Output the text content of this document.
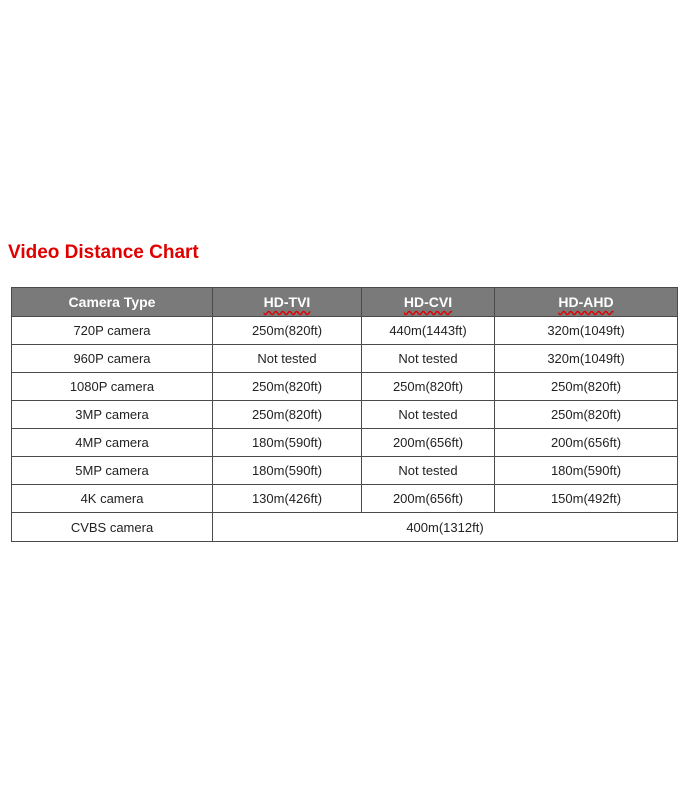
Video Distance Chart
Camera Type	HD-TVI	HD-CVI	HD-AHD
720P camera	250m(820ft)	440m(1443ft)	320m(1049ft)
960P camera	Not tested	Not tested	320m(1049ft)
1080P camera	250m(820ft)	250m(820ft)	250m(820ft)
3MP camera	250m(820ft)	Not tested	250m(820ft)
4MP camera	180m(590ft)	200m(656ft)	200m(656ft)
5MP camera	180m(590ft)	Not tested	180m(590ft)
4K camera	130m(426ft)	200m(656ft)	150m(492ft)
CVBS camera	400m(1312ft)		
